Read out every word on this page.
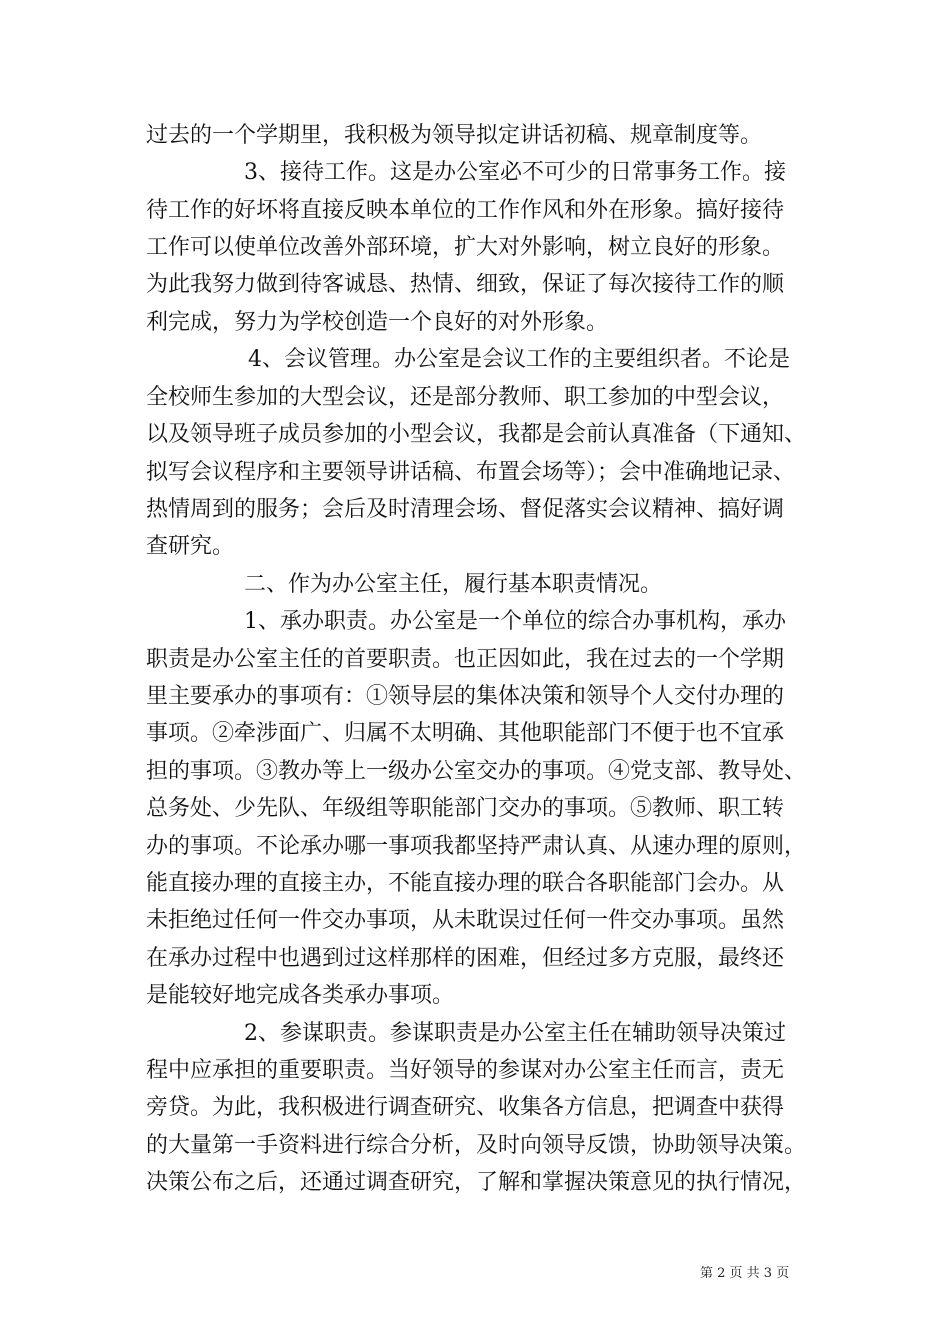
过去的一个学期里，我积极为领导拟定讲话初稿、规章制度等。
3、接待工作。这是办公室必不可少的日常事务工作。接
待工作的好坏将直接反映本单位的工作作风和外在形象。搞好接待
工作可以使单位改善外部环境，扩大对外影响，树立良好的形象。
为此我努力做到待客诚恳、热情、细致，保证了每次接待工作的顺
利完成，努力为学校创造一个良好的对外形象。
4、会议管理。办公室是会议工作的主要组织者。不论是
全校师生参加的大型会议，还是部分教师、职工参加的中型会议，
以及领导班子成员参加的小型会议，我都是会前认真准备（下通知、
拟写会议程序和主要领导讲话稿、布置会场等）；会中准确地记录、
热情周到的服务；会后及时清理会场、督促落实会议精神、搞好调
查研究。
二、作为办公室主任，履行基本职责情况。
1、承办职责。办公室是一个单位的综合办事机构，承办
职责是办公室主任的首要职责。也正因如此，我在过去的一个学期
里主要承办的事项有：①领导层的集体决策和领导个人交付办理的
事项。②牵涉面广、归属不太明确、其他职能部门不便于也不宜承
担的事项。③教办等上一级办公室交办的事项。④党支部、教导处、
总务处、少先队、年级组等职能部门交办的事项。⑤教师、职工转
办的事项。不论承办哪一事项我都坚持严肃认真、从速办理的原则，
能直接办理的直接主办，不能直接办理的联合各职能部门会办。从
未拒绝过任何一件交办事项，从未耽误过任何一件交办事项。虽然
在承办过程中也遇到过这样那样的困难，但经过多方克服，最终还
是能较好地完成各类承办事项。
2、参谋职责。参谋职责是办公室主任在辅助领导决策过
程中应承担的重要职责。当好领导的参谋对办公室主任而言，责无
旁贷。为此，我积极进行调查研究、收集各方信息，把调查中获得
的大量第一手资料进行综合分析，及时向领导反馈，协助领导决策。
决策公布之后，还通过调查研究，了解和掌握决策意见的执行情况，
第 2 页 共 3 页
